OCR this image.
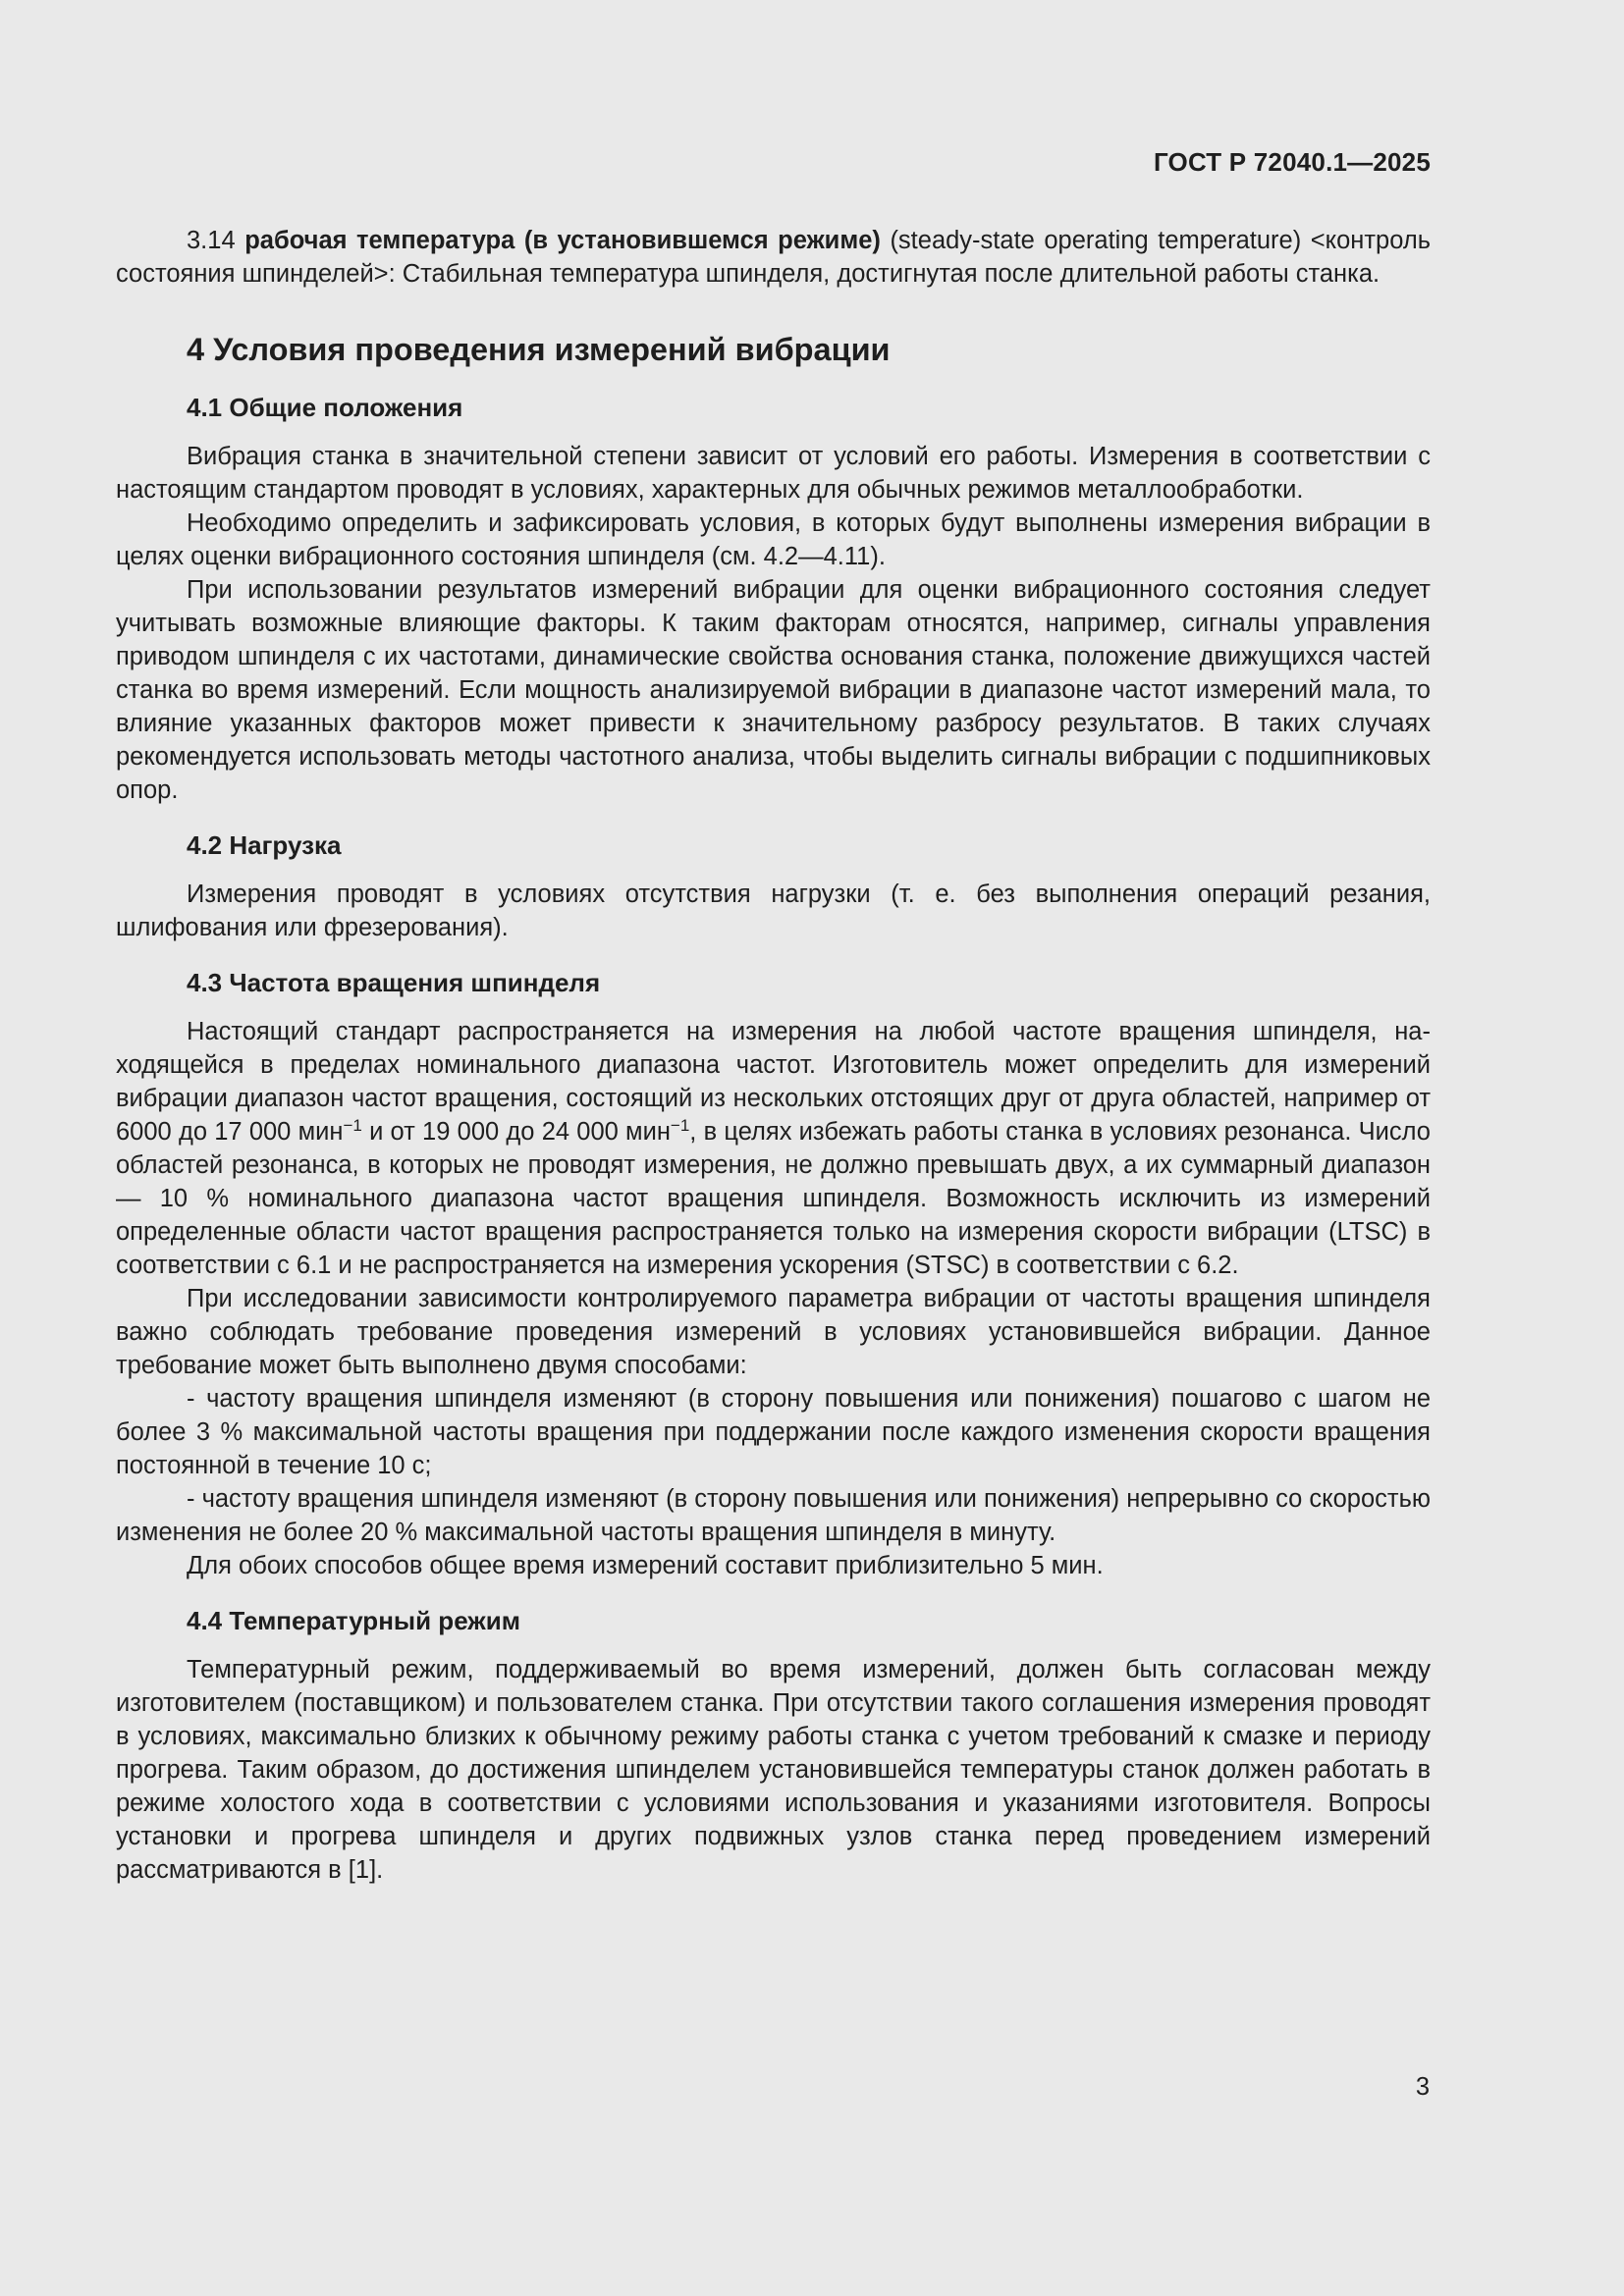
ГОСТ Р 72040.1—2025

3.14 рабочая температура (в установившемся режиме) (steady-state operating temperature) <контроль состояния шпинделей>: Стабильная температура шпинделя, достигнутая после длительной работы станка.

4 Условия проведения измерений вибрации
4.1 Общие положения

Вибрация станка в значительной степени зависит от условий его работы. Измерения в соответствии с настоящим стандартом проводят в условиях, характерных для обычных режимов металлообработки.

Необходимо определить и зафиксировать условия, в которых будут выполнены измерения вибрации в целях оценки вибрационного состояния шпинделя (см. 4.2—4.11).

При использовании результатов измерений вибрации для оценки вибрационного состояния следует учитывать возможные влияющие факторы. К таким факторам относятся, например, сигналы управления приводом шпинделя с их частотами, динамические свойства основания станка, положение движущихся частей станка во время измерений. Если мощность анализируемой вибрации в диапазоне частот измерений мала, то влияние указанных факторов может привести к значительному разбросу результатов. В таких случаях рекомендуется использовать методы частотного анализа, чтобы выделить сигналы вибрации с подшипниковых опор.

4.2 Нагрузка

Измерения проводят в условиях отсутствия нагрузки (т. е. без выполнения операций резания, шлифования или фрезерования).

4.3 Частота вращения шпинделя

Настоящий стандарт распространяется на измерения на любой частоте вращения шпинделя, находящейся в пределах номинального диапазона частот. Изготовитель может определить для измерений вибрации диапазон частот вращения, состоящий из нескольких отстоящих друг от друга областей, например от 6000 до 17 000 мин$^{-1}$ и от 19 000 до 24 000 мин$^{-1}$, в целях избежать работы станка в условиях резонанса. Число областей резонанса, в которых не проводят измерения, не должно превышать двух, а их суммарный диапазон — 10 % номинального диапазона частот вращения шпинделя. Возможность исключить из измерений определенные области частот вращения распространяется только на измерения скорости вибрации (LTSC) в соответствии с 6.1 и не распространяется на измерения ускорения (STSC) в соответствии с 6.2.

При исследовании зависимости контролируемого параметра вибрации от частоты вращения шпинделя важно соблюдать требование проведения измерений в условиях установившейся вибрации. Данное требование может быть выполнено двумя способами:

- частоту вращения шпинделя изменяют (в сторону повышения или понижения) пошагово с шагом не более 3 % максимальной частоты вращения при поддержании после каждого изменения скорости вращения постоянной в течение 10 с;

- частоту вращения шпинделя изменяют (в сторону повышения или понижения) непрерывно со скоростью изменения не более 20 % максимальной частоты вращения шпинделя в минуту.

Для обоих способов общее время измерений составит приблизительно 5 мин.

4.4 Температурный режим

Температурный режим, поддерживаемый во время измерений, должен быть согласован между изготовителем (поставщиком) и пользователем станка. При отсутствии такого соглашения измерения проводят в условиях, максимально близких к обычному режиму работы станка с учетом требований к смазке и периоду прогрева. Таким образом, до достижения шпинделем установившейся температуры станок должен работать в режиме холостого хода в соответствии с условиями использования и указаниями изготовителя. Вопросы установки и прогрева шпинделя и других подвижных узлов станка перед проведением измерений рассматриваются в [1].

3
